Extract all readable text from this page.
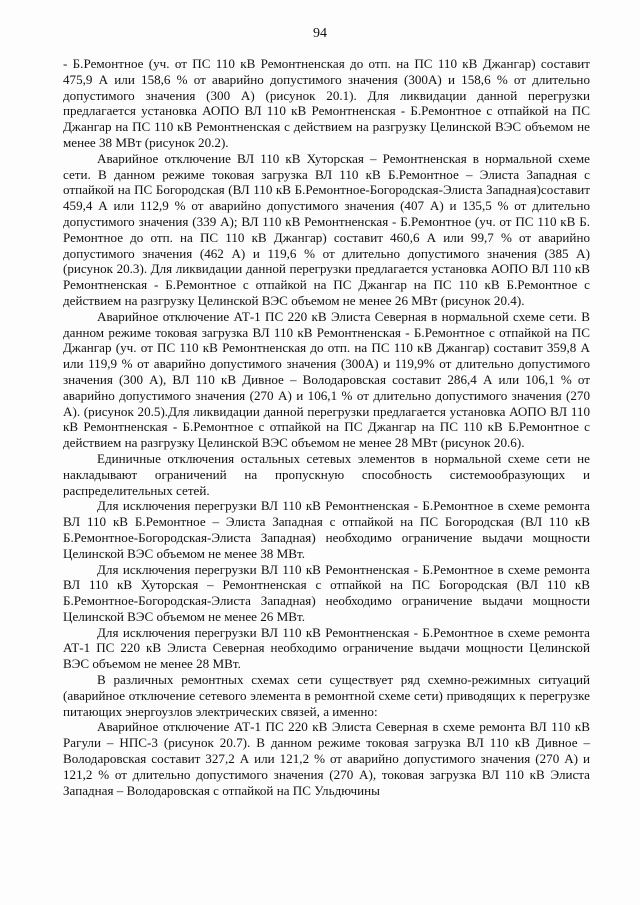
94

- Б.Ремонтное (уч. от ПС 110 кВ Ремонтненская до отп. на ПС 110 кВ Джангар) составит 475,9 А или 158,6 % от аварийно допустимого значения (300А) и 158,6 % от длительно допустимого значения (300 А) (рисунок 20.1). Для ликвидации данной перегрузки предлагается установка АОПО ВЛ 110 кВ Ремонтненская - Б.Ремонтное с отпайкой на ПС Джангар на ПС 110 кВ Ремонтненская с действием на разгрузку Целинской ВЭС объемом не менее 38 МВт (рисунок 20.2).

Аварийное отключение ВЛ 110 кВ Хуторская – Ремонтненская в нормальной схеме сети. В данном режиме токовая загрузка ВЛ 110 кВ Б.Ремонтное – Элиста Западная с отпайкой на ПС Богородская (ВЛ 110 кВ Б.Ремонтное-Богородская-Элиста Западная)составит 459,4 А или 112,9 % от аварийно допустимого значения (407 А) и 135,5 % от длительно допустимого значения (339 А); ВЛ 110 кВ Ремонтненская - Б.Ремонтное (уч. от ПС 110 кВ Б. Ремонтное до отп. на ПС 110 кВ Джангар) составит 460,6 А или 99,7 % от аварийно допустимого значения (462 А) и 119,6 % от длительно допустимого значения (385 А) (рисунок 20.3). Для ликвидации данной перегрузки предлагается установка АОПО ВЛ 110 кВ Ремонтненская - Б.Ремонтное с отпайкой на ПС Джангар на ПС 110 кВ Б.Ремонтное с действием на разгрузку Целинской ВЭС объемом не менее 26 МВт (рисунок 20.4).

Аварийное отключение АТ-1 ПС 220 кВ Элиста Северная в нормальной схеме сети. В данном режиме токовая загрузка ВЛ 110 кВ Ремонтненская - Б.Ремонтное с отпайкой на ПС Джангар (уч. от ПС 110 кВ Ремонтненская до отп. на ПС 110 кВ Джангар) составит 359,8 А или 119,9 % от аварийно допустимого значения (300А) и 119,9% от длительно допустимого значения (300 А), ВЛ 110 кВ Дивное – Володаровская составит 286,4 А или 106,1 % от аварийно допустимого значения (270 А) и 106,1 % от длительно допустимого значения (270 А). (рисунок 20.5).Для ликвидации данной перегрузки предлагается установка АОПО ВЛ 110 кВ Ремонтненская - Б.Ремонтное с отпайкой на ПС Джангар на ПС 110 кВ Б.Ремонтное с действием на разгрузку Целинской ВЭС объемом не менее 28 МВт (рисунок 20.6).

Единичные отключения остальных сетевых элементов в нормальной схеме сети не накладывают ограничений на пропускную способность системообразующих и распределительных сетей.

Для исключения перегрузки ВЛ 110 кВ Ремонтненская - Б.Ремонтное в схеме ремонта ВЛ 110 кВ Б.Ремонтное – Элиста Западная с отпайкой на ПС Богородская (ВЛ 110 кВ Б.Ремонтное-Богородская-Элиста Западная) необходимо ограничение выдачи мощности Целинской ВЭС объемом не менее 38 МВт.

Для исключения перегрузки ВЛ 110 кВ Ремонтненская - Б.Ремонтное в схеме ремонта ВЛ 110 кВ Хуторская – Ремонтненская с отпайкой на ПС Богородская (ВЛ 110 кВ Б.Ремонтное-Богородская-Элиста Западная) необходимо ограничение выдачи мощности Целинской ВЭС объемом не менее 26 МВт.

Для исключения перегрузки ВЛ 110 кВ Ремонтненская - Б.Ремонтное в схеме ремонта АТ-1 ПС 220 кВ Элиста Северная необходимо ограничение выдачи мощности Целинской ВЭС объемом не менее 28 МВт.

В различных ремонтных схемах сети существует ряд схемно-режимных ситуаций (аварийное отключение сетевого элемента в ремонтной схеме сети) приводящих к перегрузке питающих энергоузлов электрических связей, а именно:

Аварийное отключение АТ-1 ПС 220 кВ Элиста Северная в схеме ремонта ВЛ 110 кВ Рагули – НПС-3 (рисунок 20.7). В данном режиме токовая загрузка ВЛ 110 кВ Дивное – Володаровская составит 327,2 А или 121,2 % от аварийно допустимого значения (270 А) и 121,2 % от длительно допустимого значения (270 А), токовая загрузка ВЛ 110 кВ Элиста Западная – Володаровская с отпайкой на ПС Ульдючины
